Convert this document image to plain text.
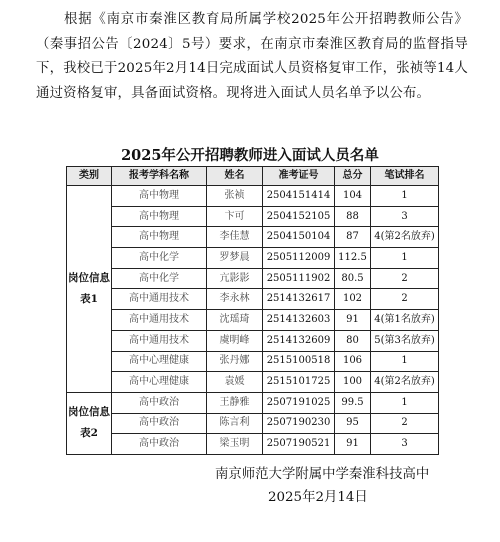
根据《南京市秦淮区教育局所属学校2025年公开招聘教师公告》（秦事招公告〔2024〕5号）要求，在南京市秦淮区教育局的监督指导下，我校已于2025年2月14日完成面试人员资格复审工作，张祯等14人通过资格复审，具备面试资格。现将进入面试人员名单予以公布。
2025年公开招聘教师进入面试人员名单
类别	报考学科名称	姓名	准考证号	总分	笔试排名
岗位信息表1	高中物理	张祯	2504151414	104	1
	高中物理	卞可	2504152105	88	3
	高中物理	李佳慧	2504150104	87	4(第2名放弃)
	高中化学	罗梦晨	2505112009	112.5	1
	高中化学	亢影影	2505111902	80.5	2
	高中通用技术	李永林	2514132617	102	2
	高中通用技术	沈瑶琦	2514132603	91	4(第1名放弃)
	高中通用技术	虞明峰	2514132609	80	5(第3名放弃)
	高中心理健康	张丹娜	2515100518	106	1
	高中心理健康	袁媛	2515101725	100	4(第2名放弃)
岗位信息表2	高中政治	王静雅	2507191025	99.5	1
	高中政治	陈言利	2507190230	95	2
	高中政治	梁玉明	2507190521	91	3
南京师范大学附属中学秦淮科技高中
2025年2月14日
